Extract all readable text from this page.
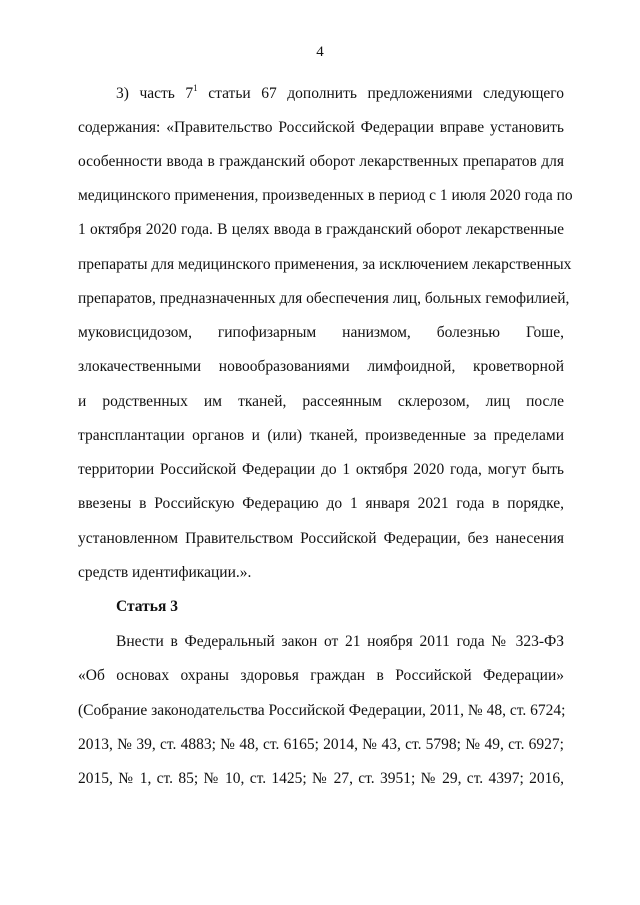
4
3) часть $7^1$ статьи 67 дополнить предложениями следующего
содержания: «Правительство Российской Федерации вправе установить
особенности ввода в гражданский оборот лекарственных препаратов для
медицинского применения, произведенных в период с 1 июля 2020 года по
1 октября 2020 года. В целях ввода в гражданский оборот лекарственные
препараты для медицинского применения, за исключением лекарственных
препаратов, предназначенных для обеспечения лиц, больных гемофилией,
муковисцидозом, гипофизарным нанизмом, болезнью Гоше,
злокачественными новообразованиями лимфоидной, кроветворной
и родственных им тканей, рассеянным склерозом, лиц после
трансплантации органов и (или) тканей, произведенные за пределами
территории Российской Федерации до 1 октября 2020 года, могут быть
ввезены в Российскую Федерацию до 1 января 2021 года в порядке,
установленном Правительством Российской Федерации, без нанесения
средств идентификации.».
Статья 3
Внести в Федеральный закон от 21 ноября 2011 года № 323-ФЗ
«Об основах охраны здоровья граждан в Российской Федерации»
(Собрание законодательства Российской Федерации, 2011, № 48, ст. 6724;
2013, № 39, ст. 4883; № 48, ст. 6165; 2014, № 43, ст. 5798; № 49, ст. 6927;
2015, № 1, ст. 85; № 10, ст. 1425; № 27, ст. 3951; № 29, ст. 4397; 2016,
